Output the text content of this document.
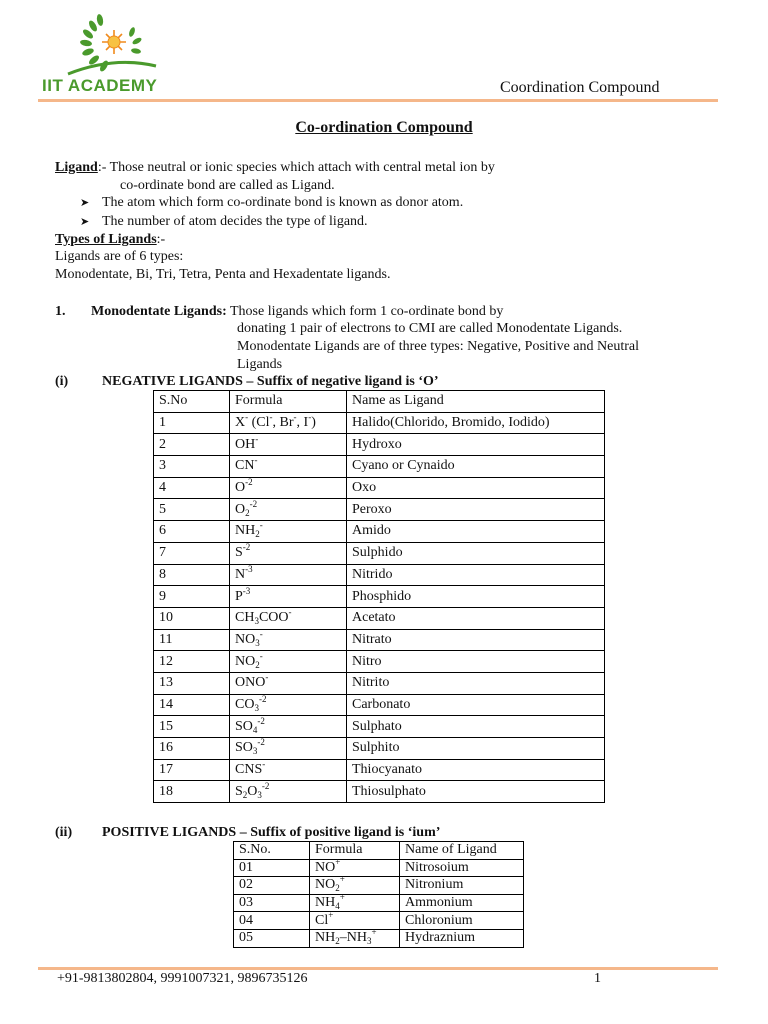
IIT ACADEMY	Coordination Compound
Co-ordination Compound
Ligand:- Those neutral or ionic species which attach with central metal ion by
co-ordinate bond are called as Ligand.
➤ The atom which form co-ordinate bond is known as donor atom.
➤ The number of atom decides the type of ligand.
Types of Ligands:-
Ligands are of 6 types:
Monodentate, Bi, Tri, Tetra, Penta and Hexadentate ligands.
1. Monodentate Ligands: Those ligands which form 1 co-ordinate bond by
donating 1 pair of electrons to CMI are called Monodentate Ligands.
Monodentate Ligands are of three types: Negative, Positive and Neutral
Ligands
(i) NEGATIVE LIGANDS – Suffix of negative ligand is ‘O’
S.No	Formula	Name as Ligand
1	X- (Cl-, Br-, I-)	Halido(Chlorido, Bromido, Iodido)
2	OH-	Hydroxo
3	CN-	Cyano or Cynaido
4	$O^{-2}$	Oxo
5	$O_2^{-2}$	Peroxo
6	$NH_2^-$	Amido
7	$S^{-2}$	Sulphido
8	$N^{-3}$	Nitrido
9	$P^{-3}$	Phosphido
10	$CH_3COO^-$	Acetato
11	$NO_3^-$	Nitrato
12	$NO_2^-$	Nitro
13	ONO-	Nitrito
14	$CO_3^{-2}$	Carbonato
15	$SO_4^{-2}$	Sulphato
16	$SO_3^{-2}$	Sulphito
17	CNS-	Thiocyanato
18	$S_2O_3^{-2}$	Thiosulphato
(ii) POSITIVE LIGANDS – Suffix of positive ligand is ‘ium’
S.No.	Formula	Name of Ligand
01	NO+	Nitrosoium
02	$NO_2^+$	Nitronium
03	$NH_4^+$	Ammonium
04	Cl+	Chloronium
05	$NH_2-NH_3^+$	Hydraznium
+91-9813802804, 9991007321, 9896735126	1
